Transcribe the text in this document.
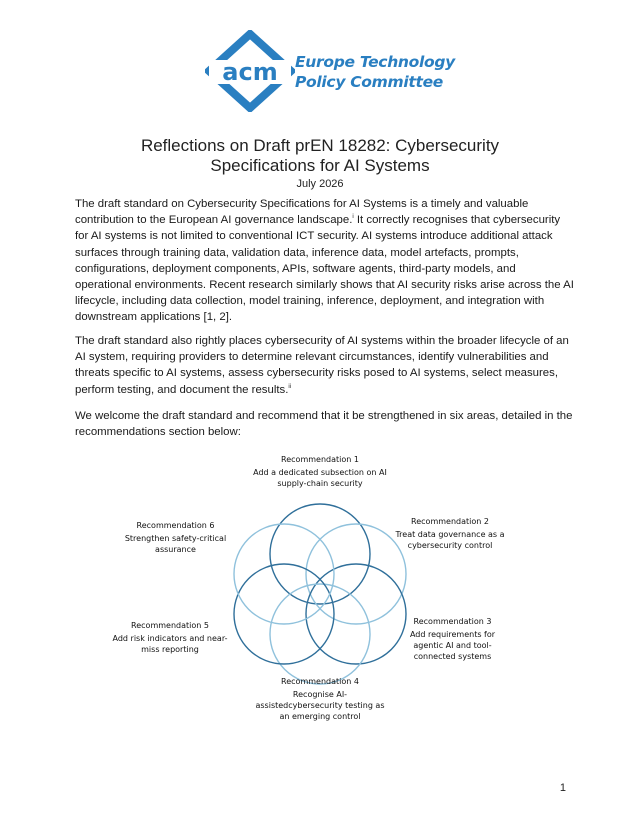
acm Europe Technology
Policy Committee
Reflections on Draft prEN 18282: Cybersecurity
Specifications for AI Systems
July 2026
The draft standard on Cybersecurity Specifications for AI Systems is a timely and valuable contribution to the European AI governance landscape.$^i$ It correctly recognises that cybersecurity for AI systems is not limited to conventional ICT security. AI systems introduce additional attack surfaces through training data, validation data, inference data, model artefacts, prompts, configurations, deployment components, APIs, software agents, third-party models, and operational environments. Recent research similarly shows that AI security risks arise across the AI lifecycle, including data collection, model training, inference, deployment, and integration with downstream applications [1, 2].
The draft standard also rightly places cybersecurity of AI systems within the broader lifecycle of an AI system, requiring providers to determine relevant circumstances, identify vulnerabilities and threats specific to AI systems, assess cybersecurity risks posed to AI systems, select measures, perform testing, and document the results.$^{ii}$
We welcome the draft standard and recommend that it be strengthened in six areas, detailed in the recommendations section below:
Recommendation 1
Add a dedicated subsection on AI supply-chain security
Recommendation 2
Treat data governance as a cybersecurity control
Recommendation 3
Add requirements for agentic AI and tool-connected systems
Recommendation 4
Recognise AI-assistedcybersecurity testing as an emerging control
Recommendation 5
Add risk indicators and near-miss reporting
Recommendation 6
Strengthen safety-critical assurance
1
